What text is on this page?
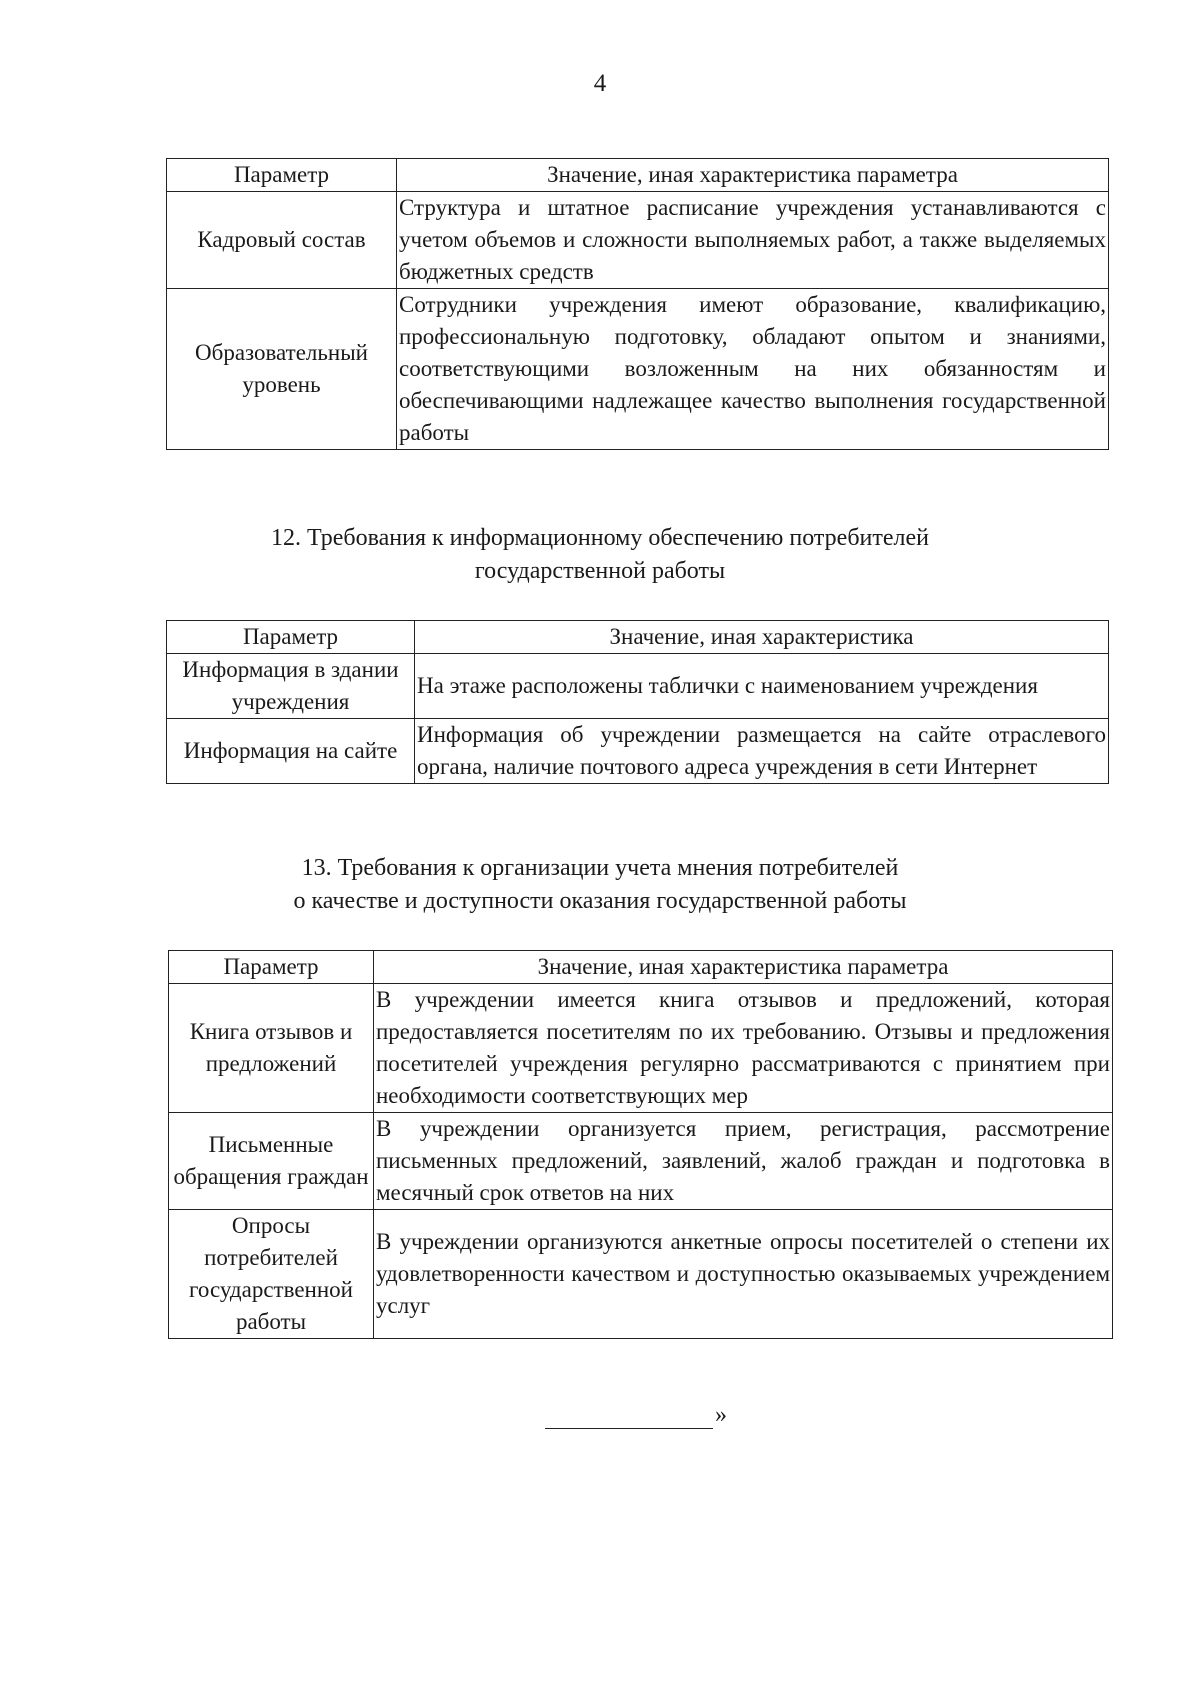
4
Параметр	Значение, иная характеристика параметра
Кадровый состав	Структура и штатное расписание учреждения устанавливаются с учетом объемов и сложности выполняемых работ, а также выделяемых бюджетных средств
Образовательный уровень	Сотрудники учреждения имеют образование, квалификацию, профессиональную подготовку, обладают опытом и знаниями, соответствующими возложенным на них обязанностям и обеспечивающими надлежащее качество выполнения государственной работы
12. Требования к информационному обеспечению потребителей
государственной работы
Параметр	Значение, иная характеристика
Информация в здании учреждения	На этаже расположены таблички с наименованием учреждения
Информация на сайте	Информация об учреждении размещается на сайте отраслевого органа, наличие почтового адреса учреждения в сети Интернет
13. Требования к организации учета мнения потребителей
о качестве и доступности оказания государственной работы
Параметр	Значение, иная характеристика параметра
Книга отзывов и предложений	В учреждении имеется книга отзывов и предложений, которая предоставляется посетителям по их требованию. Отзывы и предложения посетителей учреждения регулярно рассматриваются с принятием при необходимости соответствующих мер
Письменные обращения граждан	В учреждении организуется прием, регистрация, рассмотрение письменных предложений, заявлений, жалоб граждан и подготовка в месячный срок ответов на них
Опросы потребителей государственной работы	В учреждении организуются анкетные опросы посетителей о степени их удовлетворенности качеством и доступностью оказываемых учреждением услуг
»
